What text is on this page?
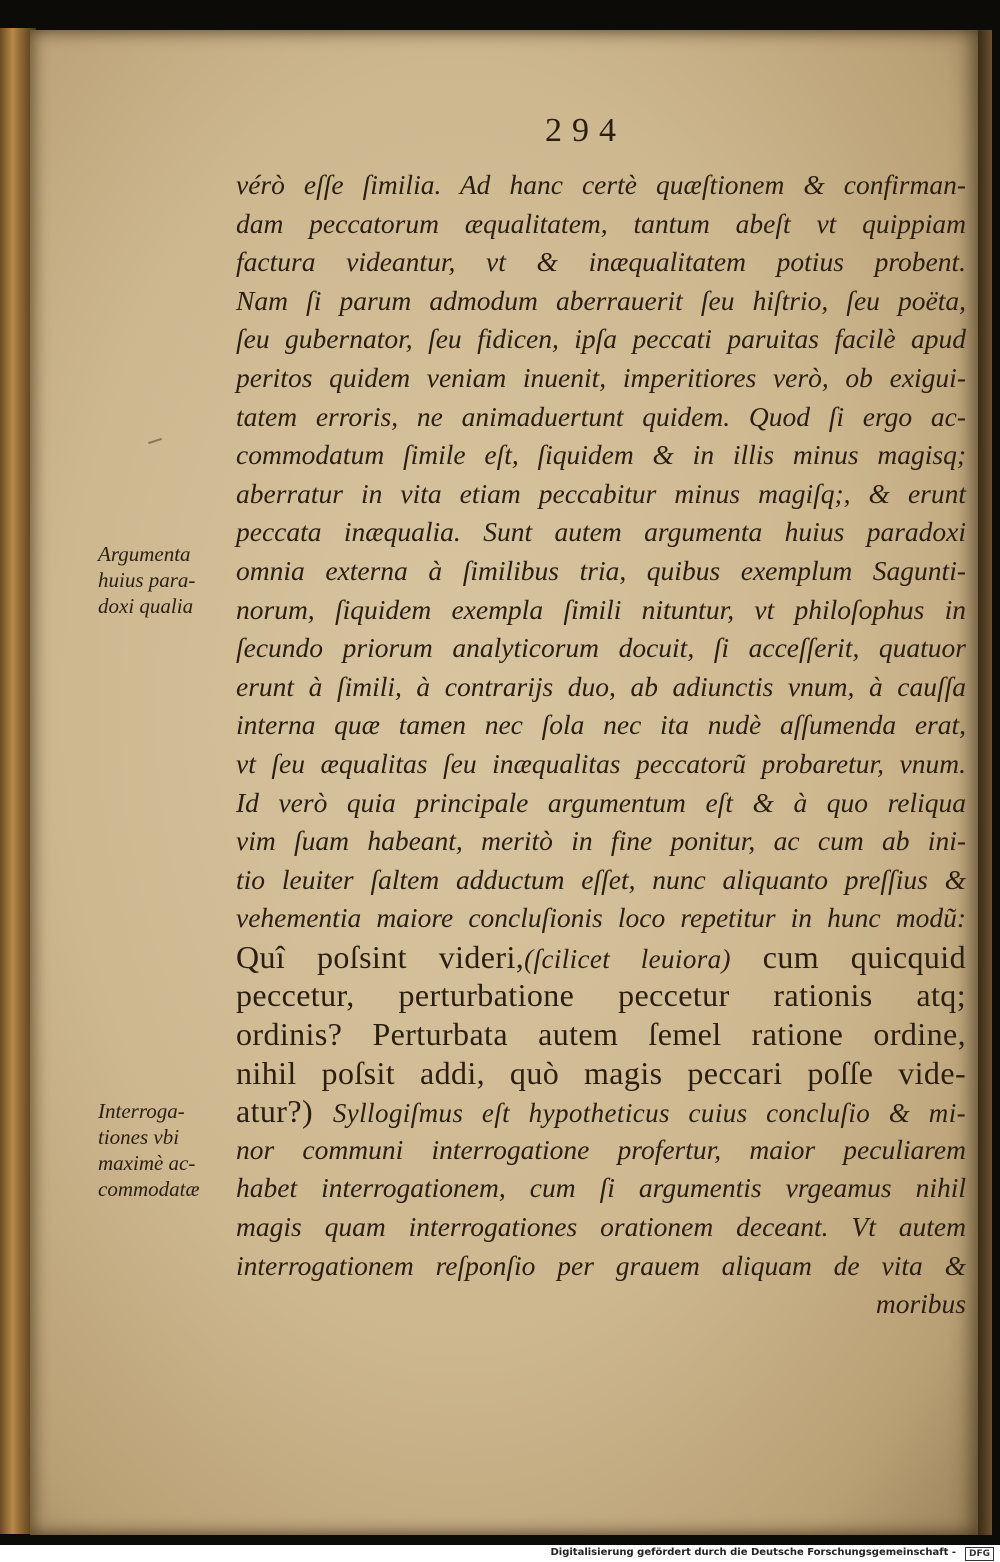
294
Argumenta
huius para-
doxi qualia
Interroga-
tiones vbi
maximè ac-
commodatæ
vérò eſſe ſimilia. Ad hanc certè quæſtionem & confirman-
dam peccatorum æqualitatem, tantum abeſt vt quippiam
factura videantur, vt & inæqualitatem potius probent.
Nam ſi parum admodum aberrauerit ſeu hiſtrio, ſeu poëta,
ſeu gubernator, ſeu fidicen, ipſa peccati paruitas facilè apud
peritos quidem veniam inuenit, imperitiores verò, ob exigui-
tatem erroris, ne animaduertunt quidem. Quod ſi ergo ac-
commodatum ſimile eſt, ſiquidem & in illis minus magisq;
aberratur in vita etiam peccabitur minus magiſq;, & erunt
peccata inæqualia. Sunt autem argumenta huius paradoxi
omnia externa à ſimilibus tria, quibus exemplum Sagunti-
norum, ſiquidem exempla ſimili nituntur, vt philoſophus in
ſecundo priorum analyticorum docuit, ſi acceſſerit, quatuor
erunt à ſimili, à contrarijs duo, ab adiunctis vnum, à cauſſa
interna quæ tamen nec ſola nec ita nudè aſſumenda erat,
vt ſeu æqualitas ſeu inæqualitas peccatorũ probaretur, vnum.
Id verò quia principale argumentum eſt & à quo reliqua
vim ſuam habeant, meritò in fine ponitur, ac cum ab ini-
tio leuiter ſaltem adductum eſſet, nunc aliquanto preſſius &
vehementia maiore concluſionis loco repetitur in hunc modũ:
Quî poſsint videri,(ſcilicet leuiora) cum quicquid
peccetur, perturbatione peccetur rationis atq;
ordinis? Perturbata autem ſemel ratione ordine,
nihil poſsit addi, quò magis peccari poſſe vide-
atur?) Syllogiſmus eſt hypotheticus cuius concluſio & mi-
nor communi interrogatione profertur, maior peculiarem
habet interrogationem, cum ſi argumentis vrgeamus nihil
magis quam interrogationes orationem deceant. Vt autem
interrogationem reſponſio per grauem aliquam de vita &
moribus
Digitalisierung gefördert durch die Deutsche Forschungsgemeinschaft -	DFG
